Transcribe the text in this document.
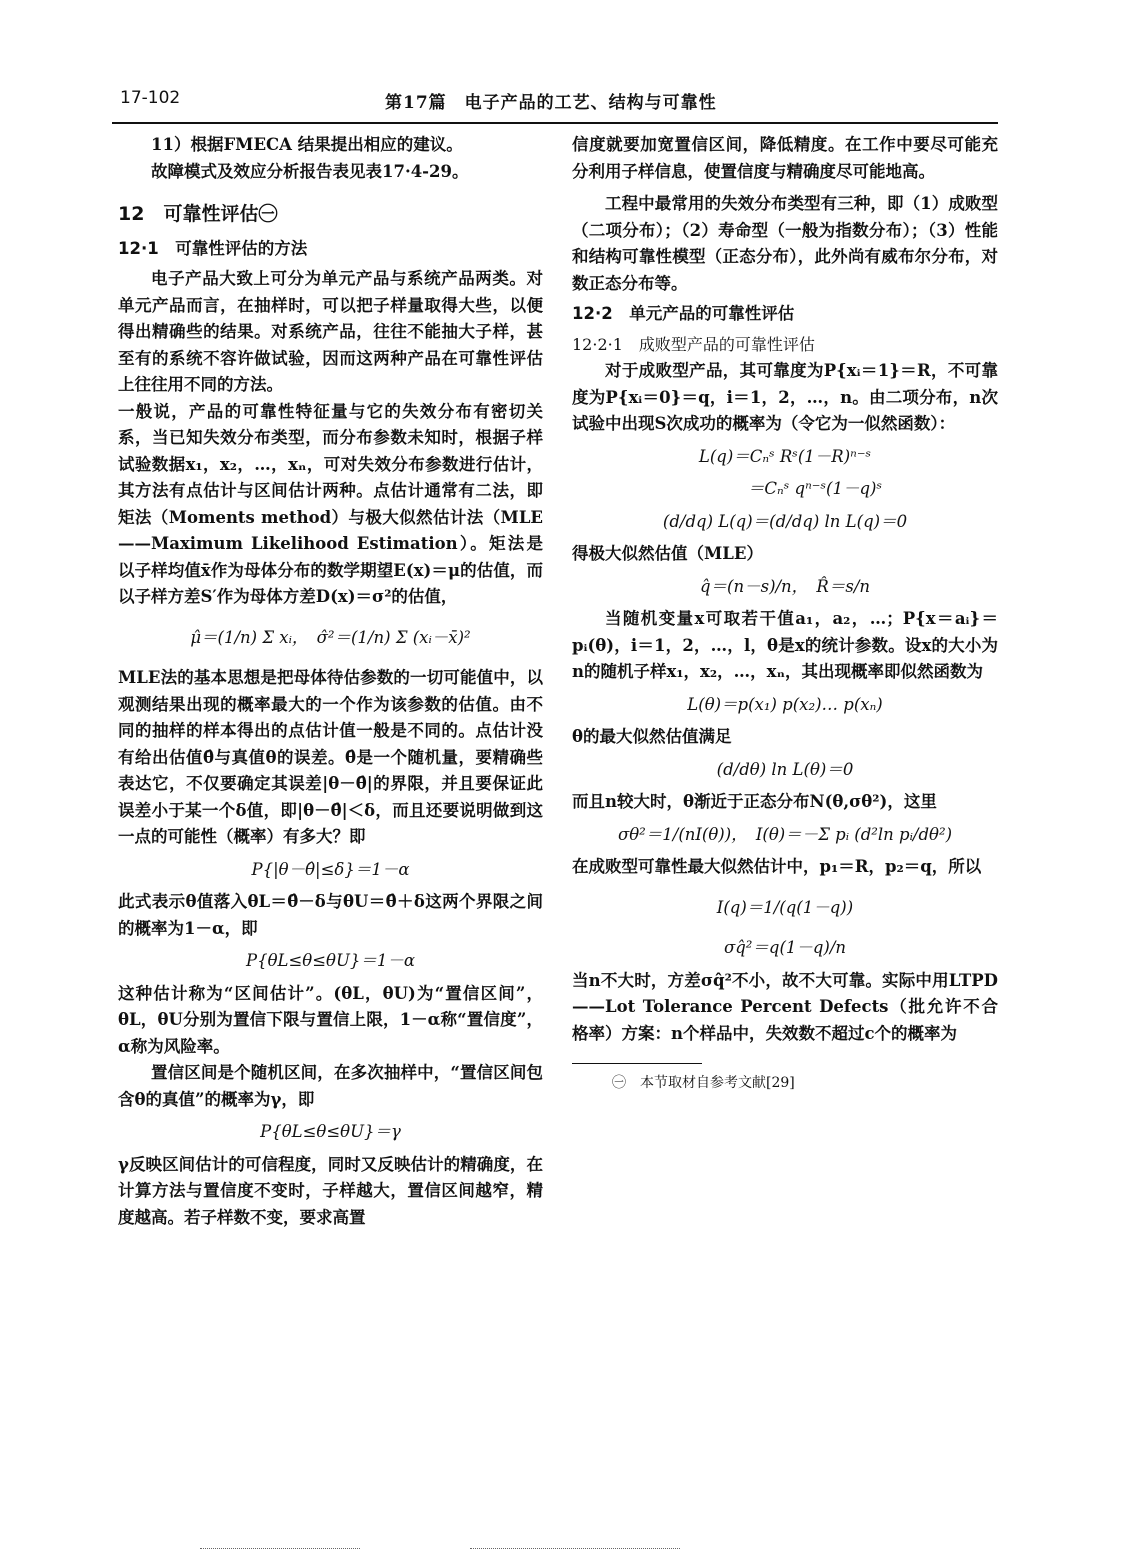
17-102	第17篇　电子产品的工艺、结构与可靠性

11）根据FMECA 结果提出相应的建议。

故障模式及效应分析报告表见表17·4-29。

12　可靠性评估㊀
12·1　可靠性评估的方法

电子产品大致上可分为单元产品与系统产品两类。对单元产品而言，在抽样时，可以把子样量取得大些，以便得出精确些的结果。对系统产品，往往不能抽大子样，甚至有的系统不容许做试验，因而这两种产品在可靠性评估上往往用不同的方法。

一般说，产品的可靠性特征量与它的失效分布有密切关系，当已知失效分布类型，而分布参数未知时，根据子样试验数据x₁，x₂，…，xₙ，可对失效分布参数进行估计，其方法有点估计与区间估计两种。点估计通常有二法，即矩法（Moments method）与极大似然估计法（MLE——Maximum Likelihood Estimation）。矩法是以子样均值x̄作为母体分布的数学期望E(x)＝μ的估值，而以子样方差S′作为母体方差D(x)＝σ²的估值，

μ̂＝(1/n) Σ xᵢ，　σ̂²＝(1/n) Σ (xᵢ－x̄)²

MLE法的基本思想是把母体待估参数的一切可能值中，以观测结果出现的概率最大的一个作为该参数的估值。由不同的抽样的样本得出的点估计值一般是不同的。点估计没有给出估值θ̂与真值θ的误差。θ̂是一个随机量，要精确些表达它，不仅要确定其误差|θ－θ̂|的界限，并且要保证此误差小于某一个δ值，即|θ－θ̂|＜δ，而且还要说明做到这一点的可能性（概率）有多大？即

P{|θ－θ̂|≤δ}＝1－α

此式表示θ值落入θL＝θ̂－δ与θU＝θ̂＋δ这两个界限之间的概率为1－α，即

P{θL≤θ≤θU}＝1－α

这种估计称为“区间估计”。(θL，θU)为“置信区间”，θL，θU分别为置信下限与置信上限，1－α称“置信度”，α称为风险率。

置信区间是个随机区间，在多次抽样中，“置信区间包含θ的真值”的概率为γ，即

P{θL≤θ≤θU}＝γ

γ反映区间估计的可信程度，同时又反映估计的精确度，在计算方法与置信度不变时，子样越大，置信区间越窄，精度越高。若子样数不变，要求高置

信度就要加宽置信区间，降低精度。在工作中要尽可能充分利用子样信息，使置信度与精确度尽可能地高。

工程中最常用的失效分布类型有三种，即（1）成败型（二项分布）；（2）寿命型（一般为指数分布）；（3）性能和结构可靠性模型（正态分布），此外尚有威布尔分布，对数正态分布等。

12·2　单元产品的可靠性评估
12·2·1　成败型产品的可靠性评估

对于成败型产品，其可靠度为P{xᵢ＝1}＝R，不可靠度为P{xᵢ＝0}＝q，i＝1，2，…，n。由二项分布，n次试验中出现S次成功的概率为（令它为一似然函数）：

L(q)＝Cₙˢ Rˢ(1－R)ⁿ⁻ˢ
＝Cₙˢ qⁿ⁻ˢ(1－q)ˢ
(d/dq) L(q)＝(d/dq) ln L(q)＝0

得极大似然估值（MLE）

q̂＝(n－s)/n，　R̂＝s/n

当随机变量x可取若干值a₁，a₂，…；P{x＝aᵢ}＝pᵢ(θ)，i＝1，2，…，l，θ是x的统计参数。设x的大小为n的随机子样x₁，x₂，…，xₙ，其出现概率即似然函数为

L(θ)＝p(x₁) p(x₂)… p(xₙ)

θ的最大似然估值满足

(d/dθ) ln L(θ)＝0

而且n较大时，θ渐近于正态分布N(θ,σθ²)，这里

σθ²＝1/(nI(θ))，　I(θ)＝－Σ pᵢ (d²ln pᵢ/dθ²)

在成败型可靠性最大似然估计中，p₁＝R，p₂＝q，所以

I(q)＝1/(q(1－q))
σq̂²＝q(1－q)/n

当n不大时，方差σq̂²不小，故不大可靠。实际中用LTPD——Lot Tolerance Percent Defects（批允许不合格率）方案：n个样品中，失效数不超过c个的概率为

㊀　本节取材自参考文献[29]
